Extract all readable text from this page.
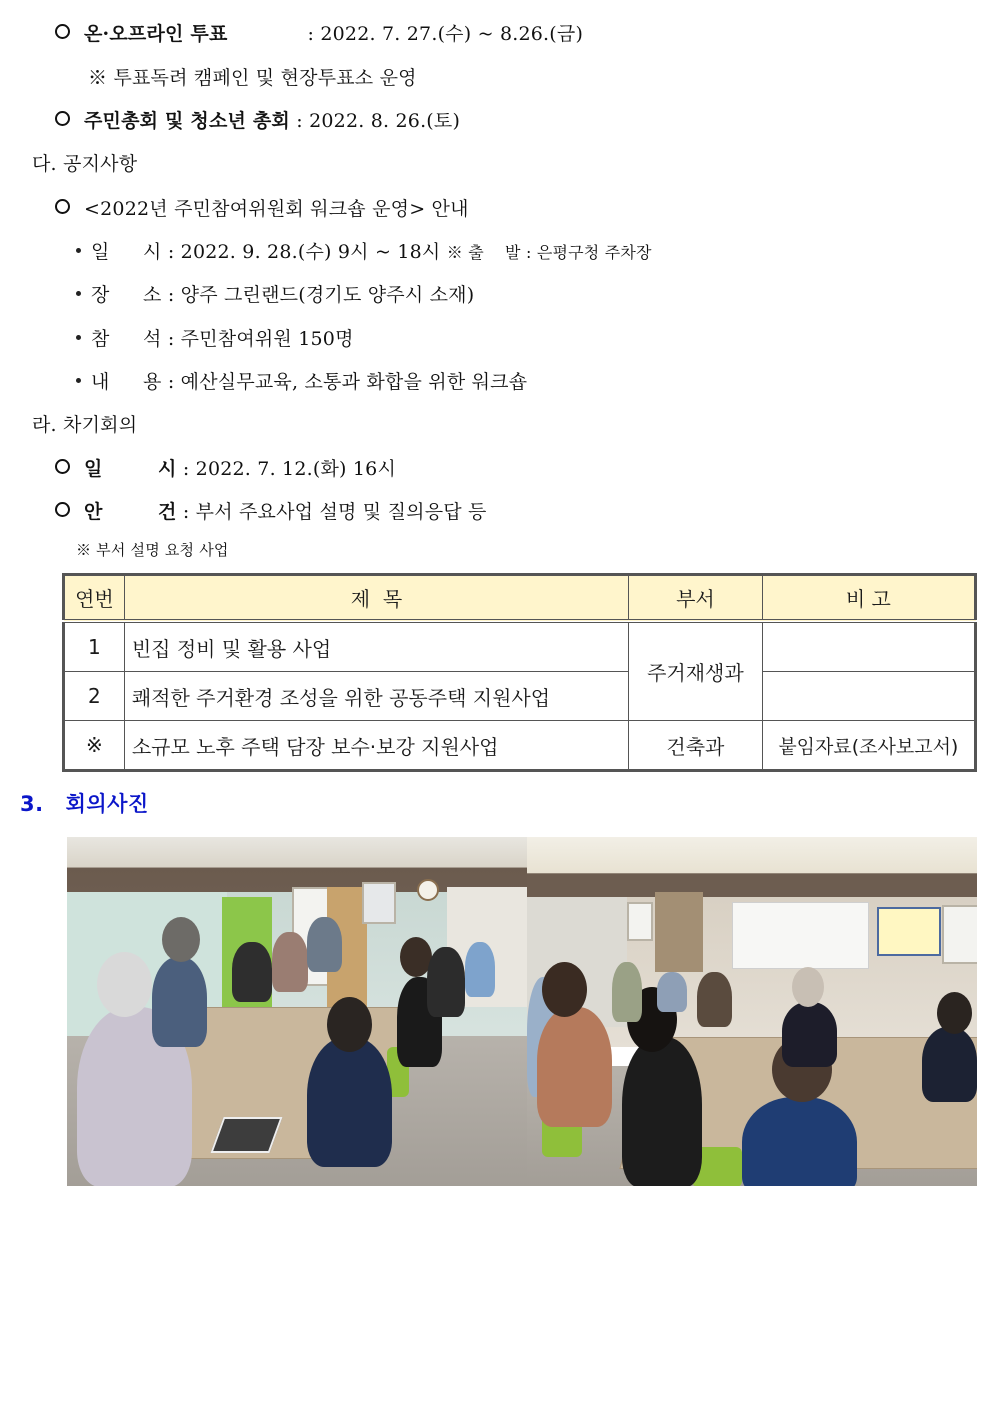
온·오프라인 투표	: 2022. 7. 27.(수) ~ 8.26.(금)
※ 투표독려 캠페인 및 현장투표소 운영
주민총회 및 청소년 총회 : 2022. 8. 26.(토)
다. 공지사항
<2022년 주민참여위원회 워크숍 운영> 안내
일 시 : 2022. 9. 28.(수) 9시 ~ 18시 ※ 출    발 : 은평구청 주차장
장 소 : 양주 그린랜드(경기도 양주시 소재)
참 석 : 주민참여위원 150명
내 용 : 예산실무교육, 소통과 화합을 위한 워크숍
라. 차기회의
일	시 : 2022. 7. 12.(화) 16시
안	건 : 부서 주요사업 설명 및 질의응답 등
※ 부서 설명 요청 사업
연번	제  목	부서	비 고
1	빈집 정비 및 활용 사업	주거재생과	
2	쾌적한 주거환경 조성을 위한 공동주택 지원사업		
※	소규모 노후 주택 담장 보수·보강 지원사업	건축과	붙임자료(조사보고서)
3. 회의사진
